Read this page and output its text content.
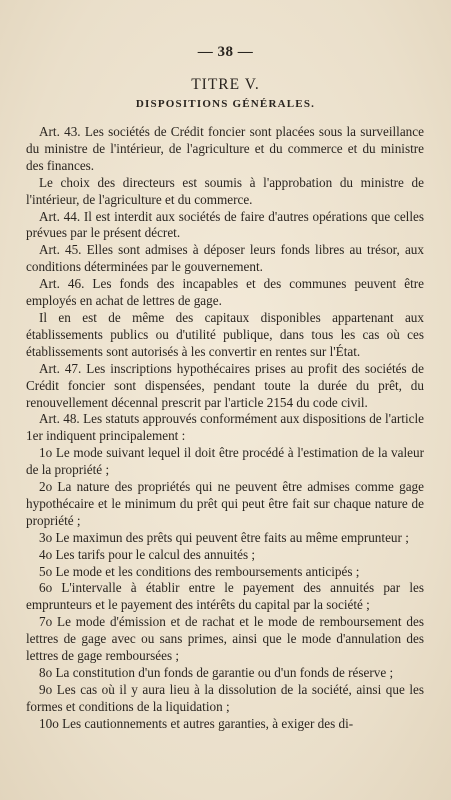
— 38 —
TITRE V.
DISPOSITIONS GÉNÉRALES.

Art. 43. Les sociétés de Crédit foncier sont placées sous la surveillance du ministre de l'intérieur, de l'agriculture et du commerce et du ministre des finances.

Le choix des directeurs est soumis à l'approbation du ministre de l'intérieur, de l'agriculture et du commerce.

Art. 44. Il est interdit aux sociétés de faire d'autres opérations que celles prévues par le présent décret.

Art. 45. Elles sont admises à déposer leurs fonds libres au trésor, aux conditions déterminées par le gouvernement.

Art. 46. Les fonds des incapables et des communes peuvent être employés en achat de lettres de gage.

Il en est de même des capitaux disponibles appartenant aux établissements publics ou d'utilité publique, dans tous les cas où ces établissements sont autorisés à les convertir en rentes sur l'État.

Art. 47. Les inscriptions hypothécaires prises au profit des sociétés de Crédit foncier sont dispensées, pendant toute la durée du prêt, du renouvellement décennal prescrit par l'article 2154 du code civil.

Art. 48. Les statuts approuvés conformément aux dispositions de l'article 1er indiquent principalement :

1o Le mode suivant lequel il doit être procédé à l'estimation de la valeur de la propriété ;

2o La nature des propriétés qui ne peuvent être admises comme gage hypothécaire et le minimum du prêt qui peut être fait sur chaque nature de propriété ;

3o Le maximun des prêts qui peuvent être faits au même emprunteur ;

4o Les tarifs pour le calcul des annuités ;

5o Le mode et les conditions des remboursements anticipés ;

6o L'intervalle à établir entre le payement des annuités par les emprunteurs et le payement des intérêts du capital par la société ;

7o Le mode d'émission et de rachat et le mode de remboursement des lettres de gage avec ou sans primes, ainsi que le mode d'annulation des lettres de gage remboursées ;

8o La constitution d'un fonds de garantie ou d'un fonds de réserve ;

9o Les cas où il y aura lieu à la dissolution de la société, ainsi que les formes et conditions de la liquidation ;

10o Les cautionnements et autres garanties, à exiger des di-
